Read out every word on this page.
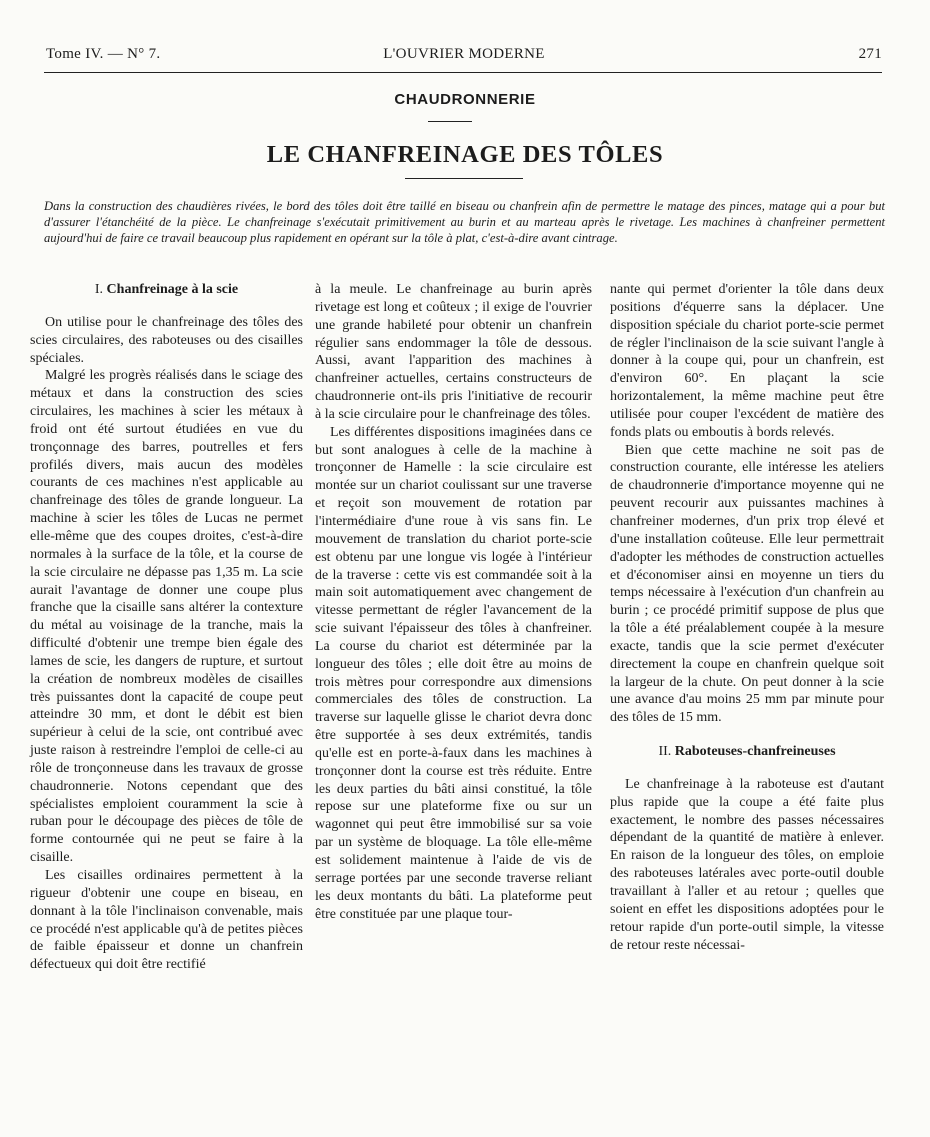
Tome IV. — N° 7.	L'OUVRIER MODERNE	271
CHAUDRONNERIE
LE CHANFREINAGE DES TÔLES

Dans la construction des chaudières rivées, le bord des tôles doit être taillé en biseau ou chanfrein afin de permettre le matage des pinces, matage qui a pour but d'assurer l'étanchéité de la pièce. Le chanfreinage s'exécutait primitivement au burin et au marteau après le rivetage. Les machines à chanfreiner permettent aujourd'hui de faire ce travail beaucoup plus rapidement en opérant sur la tôle à plat, c'est-à-dire avant cintrage.

I. Chanfreinage à la scie

On utilise pour le chanfreinage des tôles des scies circulaires, des raboteuses ou des cisailles spéciales.

Malgré les progrès réalisés dans le sciage des métaux et dans la construction des scies circulaires, les machines à scier les métaux à froid ont été surtout étudiées en vue du tronçonnage des barres, poutrelles et fers profilés divers, mais aucun des modèles courants de ces machines n'est applicable au chanfreinage des tôles de grande longueur. La machine à scier les tôles de Lucas ne permet elle-même que des coupes droites, c'est-à-dire normales à la surface de la tôle, et la course de la scie circulaire ne dépasse pas 1,35 m. La scie aurait l'avantage de donner une coupe plus franche que la cisaille sans altérer la contexture du métal au voisinage de la tranche, mais la difficulté d'obtenir une trempe bien égale des lames de scie, les dangers de rupture, et surtout la création de nombreux modèles de cisailles très puissantes dont la capacité de coupe peut atteindre 30 mm, et dont le débit est bien supérieur à celui de la scie, ont contribué avec juste raison à restreindre l'emploi de celle-ci au rôle de tronçonneuse dans les travaux de grosse chaudronnerie. Notons cependant que des spécialistes emploient couramment la scie à ruban pour le découpage des pièces de tôle de forme contournée qui ne peut se faire à la cisaille.

Les cisailles ordinaires permettent à la rigueur d'obtenir une coupe en biseau, en donnant à la tôle l'inclinaison convenable, mais ce procédé n'est applicable qu'à de petites pièces de faible épaisseur et donne un chanfrein défectueux qui doit être rectifié

à la meule. Le chanfreinage au burin après rivetage est long et coûteux ; il exige de l'ouvrier une grande habileté pour obtenir un chanfrein régulier sans endommager la tôle de dessous. Aussi, avant l'apparition des machines à chanfreiner actuelles, certains constructeurs de chaudronnerie ont-ils pris l'initiative de recourir à la scie circulaire pour le chanfreinage des tôles.

Les différentes dispositions imaginées dans ce but sont analogues à celle de la machine à tronçonner de Hamelle : la scie circulaire est montée sur un chariot coulissant sur une traverse et reçoit son mouvement de rotation par l'intermédiaire d'une roue à vis sans fin. Le mouvement de translation du chariot porte-scie est obtenu par une longue vis logée à l'intérieur de la traverse : cette vis est commandée soit à la main soit automatiquement avec changement de vitesse permettant de régler l'avancement de la scie suivant l'épaisseur des tôles à chanfreiner. La course du chariot est déterminée par la longueur des tôles ; elle doit être au moins de trois mètres pour correspondre aux dimensions commerciales des tôles de construction. La traverse sur laquelle glisse le chariot devra donc être supportée à ses deux extrémités, tandis qu'elle est en porte-à-faux dans les machines à tronçonner dont la course est très réduite. Entre les deux parties du bâti ainsi constitué, la tôle repose sur une plateforme fixe ou sur un wagonnet qui peut être immobilisé sur sa voie par un système de bloquage. La tôle elle-même est solidement maintenue à l'aide de vis de serrage portées par une seconde traverse reliant les deux montants du bâti. La plateforme peut être constituée par une plaque tour-

nante qui permet d'orienter la tôle dans deux positions d'équerre sans la déplacer. Une disposition spéciale du chariot porte-scie permet de régler l'inclinaison de la scie suivant l'angle à donner à la coupe qui, pour un chanfrein, est d'environ 60°. En plaçant la scie horizontalement, la même machine peut être utilisée pour couper l'excédent de matière des fonds plats ou emboutis à bords relevés.

Bien que cette machine ne soit pas de construction courante, elle intéresse les ateliers de chaudronnerie d'importance moyenne qui ne peuvent recourir aux puissantes machines à chanfreiner modernes, d'un prix trop élevé et d'une installation coûteuse. Elle leur permettrait d'adopter les méthodes de construction actuelles et d'économiser ainsi en moyenne un tiers du temps nécessaire à l'exécution d'un chanfrein au burin ; ce procédé primitif suppose de plus que la tôle a été préalablement coupée à la mesure exacte, tandis que la scie permet d'exécuter directement la coupe en chanfrein quelque soit la largeur de la chute. On peut donner à la scie une avance d'au moins 25 mm par minute pour des tôles de 15 mm.

II. Raboteuses-chanfreineuses

Le chanfreinage à la raboteuse est d'autant plus rapide que la coupe a été faite plus exactement, le nombre des passes nécessaires dépendant de la quantité de matière à enlever. En raison de la longueur des tôles, on emploie des raboteuses latérales avec porte-outil double travaillant à l'aller et au retour ; quelles que soient en effet les dispositions adoptées pour le retour rapide d'un porte-outil simple, la vitesse de retour reste nécessai-
